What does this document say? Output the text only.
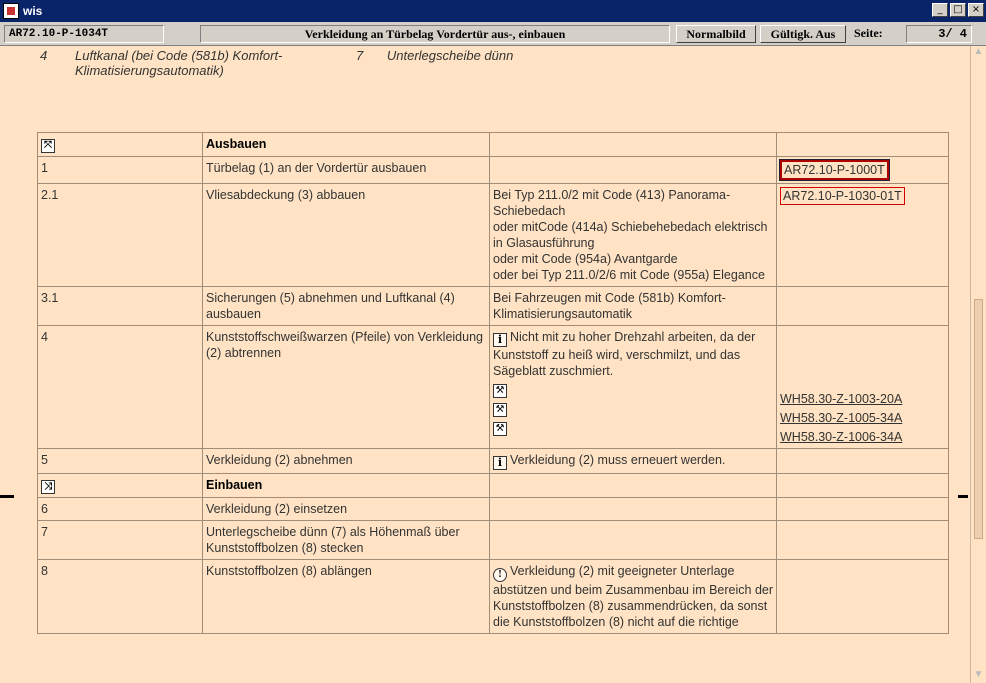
wis	_	□ ×
AR72.10-P-1034T	Verkleidung an Türbelag Vordertür aus-, einbauen	Normalbild	Gültigk. Aus	Seite:	3/ 4
4 Luftkanal (bei Code (581b) Komfort-
Klimatisierungsautomatik)
7 Unterlegscheibe dünn
⤧	Ausbauen		
1	Türbelag (1) an der Vordertür ausbauen		AR72.10-P-1000T
2.1	Vliesabdeckung (3) abbauen	Bei Typ 211.0/2 mit Code (413) Panorama-Schiebedach
oder mitCode (414a) Schiebehebedach elektrisch in Glasausführung
oder mit Code (954a) Avantgarde
oder bei Typ 211.0/2/6 mit Code (955a) Elegance	AR72.10-P-1030-01T
3.1	Sicherungen (5) abnehmen und Luftkanal (4) ausbauen	Bei Fahrzeugen mit Code (581b) Komfort-Klimatisierungsautomatik	
4	Kunststoffschweißwarzen (Pfeile) von Verkleidung (2) abtrennen	i Nicht mit zu hoher Drehzahl arbeiten, da der Kunststoff zu heiß wird, verschmilzt, und das Sägeblatt zuschmiert.
⚒
⚒
⚒	WH58.30-Z-1003-20A
WH58.30-Z-1005-34A
WH58.30-Z-1006-34A

5	Verkleidung (2) abnehmen	i Verkleidung (2) muss erneuert werden.	
⤨	Einbauen		
6	Verkleidung (2) einsetzen		
7	Unterlegscheibe dünn (7) als Höhenmaß über Kunststoffbolzen (8) stecken		
8	Kunststoffbolzen (8) ablängen	! Verkleidung (2) mit geeigneter Unterlage abstützen und beim Zusammenbau im Bereich der Kunststoffbolzen (8) zusammendrücken, da sonst die Kunststoffbolzen (8) nicht auf die richtige	
▲
▼
